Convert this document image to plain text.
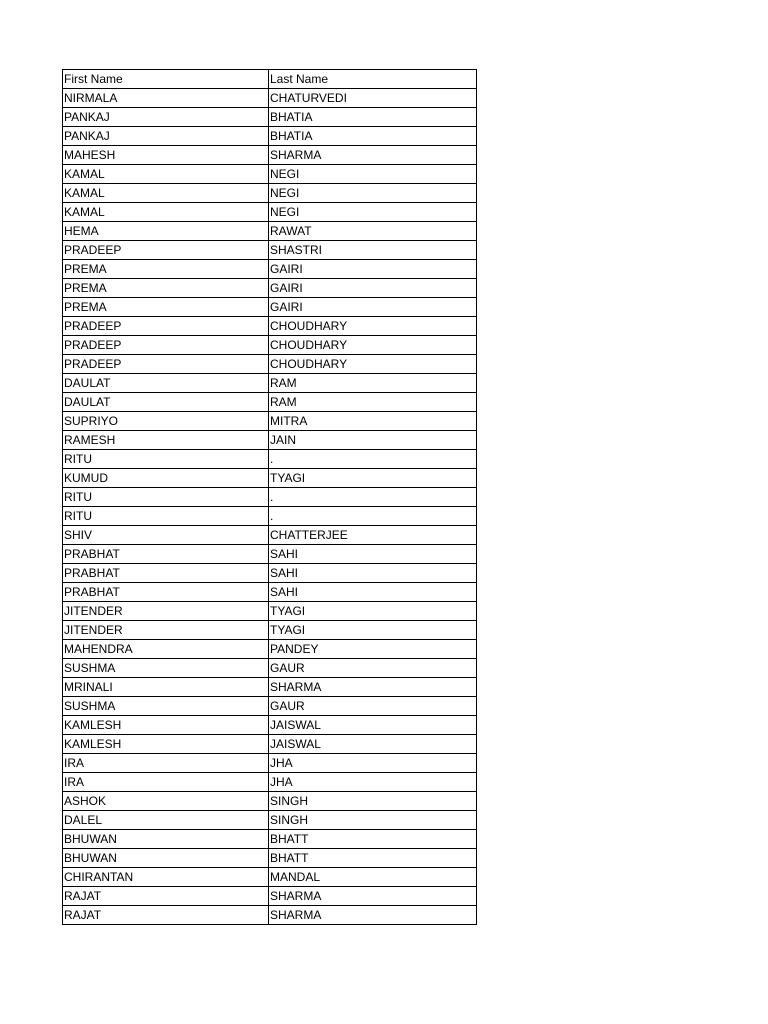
First Name	Last Name
NIRMALA	CHATURVEDI
PANKAJ	BHATIA
PANKAJ	BHATIA
MAHESH	SHARMA
KAMAL	NEGI
KAMAL	NEGI
KAMAL	NEGI
HEMA	RAWAT
PRADEEP	SHASTRI
PREMA	GAIRI
PREMA	GAIRI
PREMA	GAIRI
PRADEEP	CHOUDHARY
PRADEEP	CHOUDHARY
PRADEEP	CHOUDHARY
DAULAT	RAM
DAULAT	RAM
SUPRIYO	MITRA
RAMESH	JAIN
RITU	.
KUMUD	TYAGI
RITU	.
RITU	.
SHIV	CHATTERJEE
PRABHAT	SAHI
PRABHAT	SAHI
PRABHAT	SAHI
JITENDER	TYAGI
JITENDER	TYAGI
MAHENDRA	PANDEY
SUSHMA	GAUR
MRINALI	SHARMA
SUSHMA	GAUR
KAMLESH	JAISWAL
KAMLESH	JAISWAL
IRA	JHA
IRA	JHA
ASHOK	SINGH
DALEL	SINGH
BHUWAN	BHATT
BHUWAN	BHATT
CHIRANTAN	MANDAL
RAJAT	SHARMA
RAJAT	SHARMA
